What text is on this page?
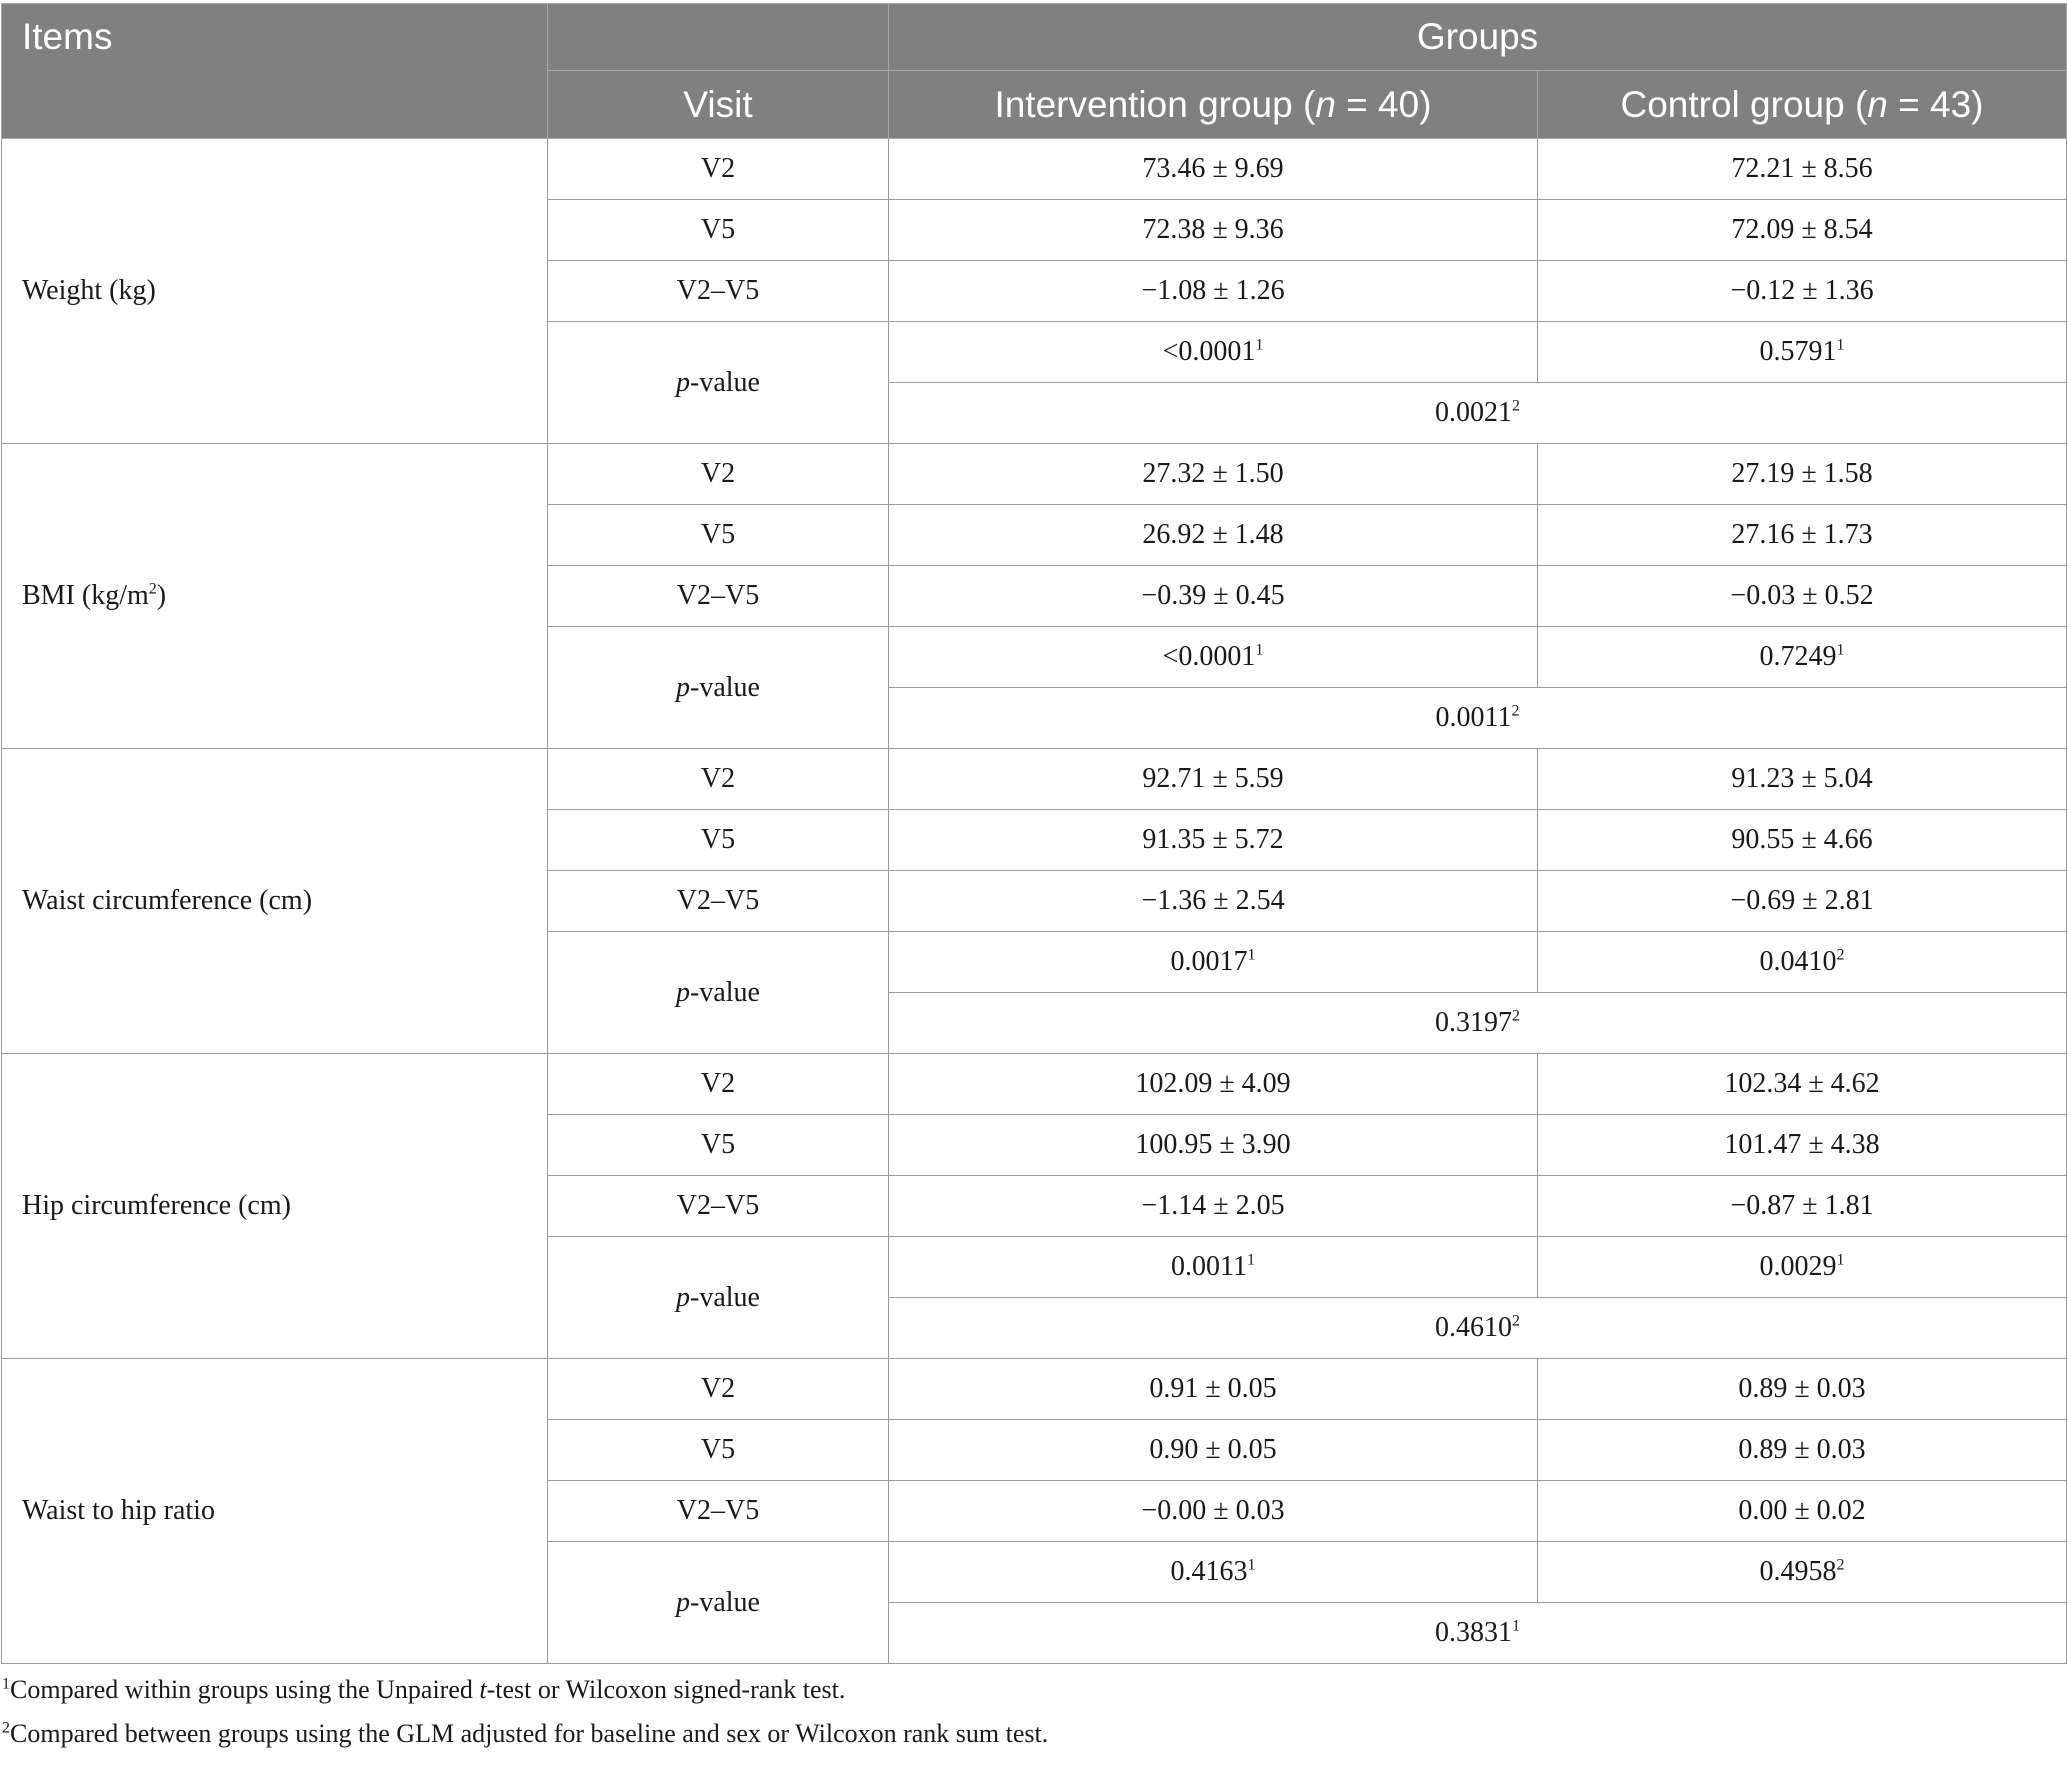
Items		Groups	
	Visit	Intervention group (n = 40)	Control group (n = 43)
Weight (kg)	V2	73.46 ± 9.69	72.21 ± 8.56
	V5	72.38 ± 9.36	72.09 ± 8.54
	V2–V5	−1.08 ± 1.26	−0.12 ± 1.36
	p-value	$<0.0001^1$	0.5791$^1$
		0.0021$^2$
BMI $(kg/m^2)$	V2	27.32 ± 1.50	27.19 ± 1.58
	V5	26.92 ± 1.48	27.16 ± 1.73
	V2–V5	−0.39 ± 0.45	−0.03 ± 0.52
	p-value	$<0.0001^1$	0.7249$^1$
		0.0011$^2$
Waist circumference (cm)	V2	92.71 ± 5.59	91.23 ± 5.04
	V5	91.35 ± 5.72	90.55 ± 4.66
	V2–V5	−1.36 ± 2.54	−0.69 ± 2.81
	p-value	0.0017$^1$	0.0410$^2$
		0.3197$^2$
Hip circumference (cm)	V2	102.09 ± 4.09	102.34 ± 4.62
	V5	100.95 ± 3.90	101.47 ± 4.38
	V2–V5	−1.14 ± 2.05	−0.87 ± 1.81
	p-value	0.0011$^1$	0.0029$^1$
		0.4610$^2$
Waist to hip ratio	V2	0.91 ± 0.05	0.89 ± 0.03
	V5	0.90 ± 0.05	0.89 ± 0.03
	V2–V5	−0.00 ± 0.03	0.00 ± 0.02
	p-value	0.4163$^1$	0.4958$^2$
		0.3831$^1$

$^1$Compared within groups using the Unpaired t-test or Wilcoxon signed-rank test.

$^2$Compared between groups using the GLM adjusted for baseline and sex or Wilcoxon rank sum test.
